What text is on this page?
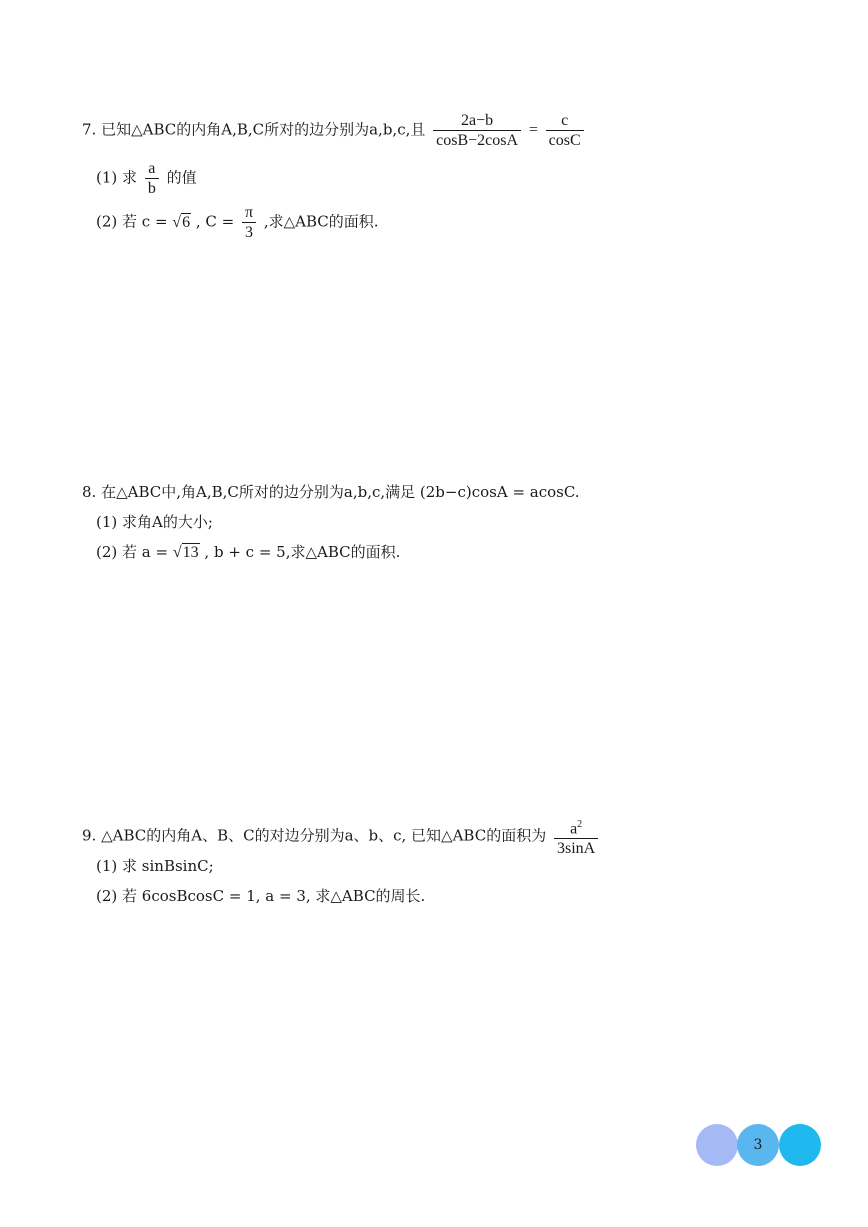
7. 已知△ABC的内角A,B,C所对的边分别为a,b,c,且 $\frac{2a-b}{\cos B-2\cos A} = \frac{c}{\cos C}$
(1) 求 $\frac{a}{b}$ 的值
(2) 若 c = √6 , $C = \frac{\pi}{3}$ ,求△ABC的面积.
8. 在△ABC中,角A,B,C所对的边分别为a,b,c,满足 (2b−c)cosA = acosC.
(1) 求角A的大小;
(2) 若 a = √13 , b + c = 5,求△ABC的面积.
9. △ABC的内角A、B、C的对边分别为a、b、c, 已知△ABC的面积为 $\frac{a^2}{3\sin A}$
(1) 求 sinBsinC;
(2) 若 6cosBcosC = 1, a = 3, 求△ABC的周长.
3
